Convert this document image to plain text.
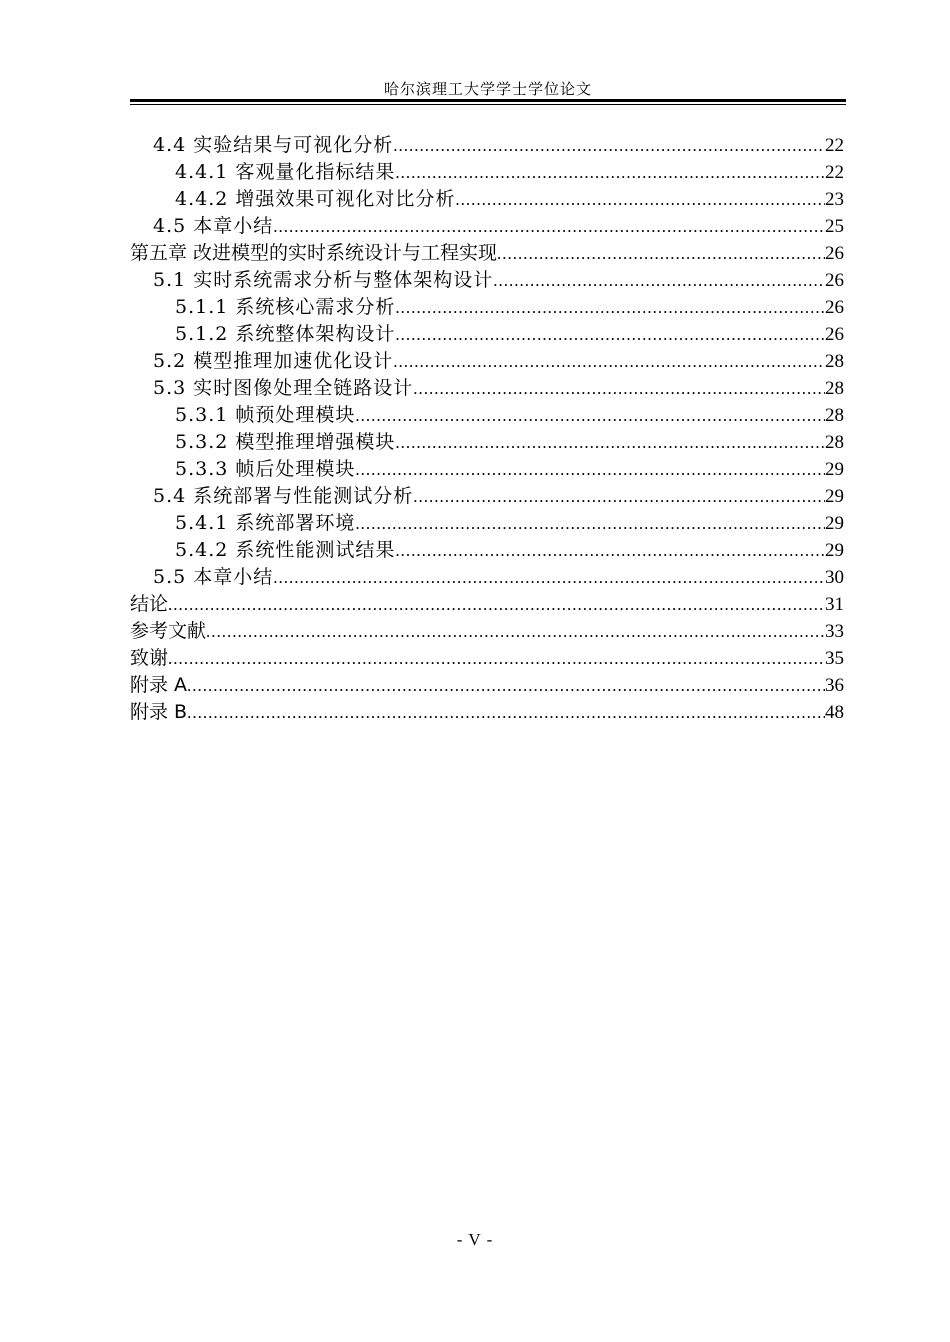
哈尔滨理工大学学士学位论文
4.4 实验结果与可视化分析 .....	22
4.4.1 客观量化指标结果 .....	22
4.4.2 增强效果可视化对比分析 .....	23
4.5 本章小结 .....	25
第五章 改进模型的实时系统设计与工程实现 .....	26
5.1 实时系统需求分析与整体架构设计 .....	26
5.1.1 系统核心需求分析 .....	26
5.1.2 系统整体架构设计 .....	26
5.2 模型推理加速优化设计 .....	28
5.3 实时图像处理全链路设计 .....	28
5.3.1 帧预处理模块 .....	28
5.3.2 模型推理增强模块 .....	28
5.3.3 帧后处理模块 .....	29
5.4 系统部署与性能测试分析 .....	29
5.4.1 系统部署环境 .....	29
5.4.2 系统性能测试结果 .....	29
5.5 本章小结 .....	30
结论 .....	31
参考文献 .....	33
致谢 .....	35
附录 A .....	36
附录 B .....	48
- V -
